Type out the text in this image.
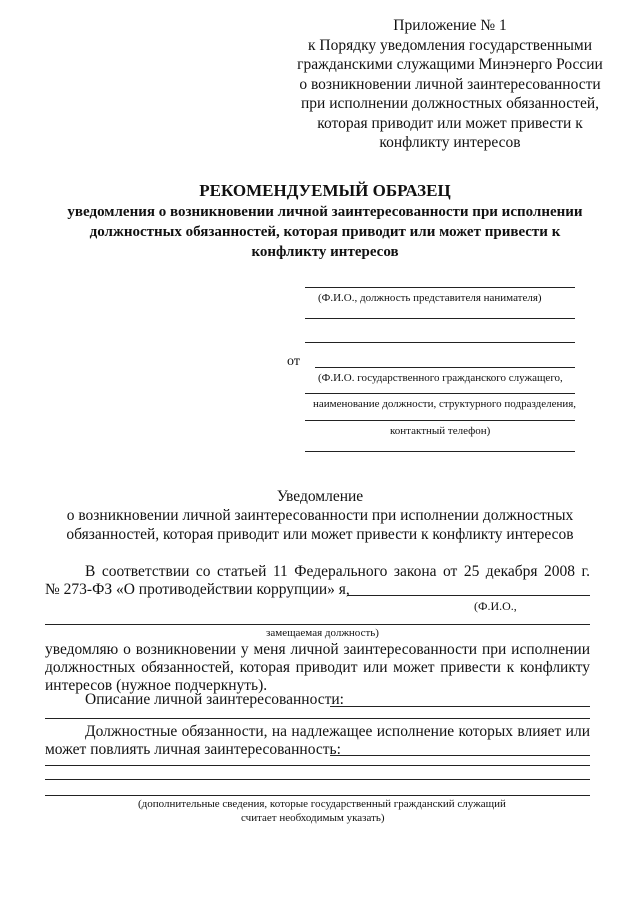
Приложение № 1
к Порядку уведомления государственными
гражданскими служащими Минэнерго России
о возникновении личной заинтересованности
при исполнении должностных обязанностей,
которая приводит или может привести к
конфликту интересов
РЕКОМЕНДУЕМЫЙ ОБРАЗЕЦ
уведомления о возникновении личной заинтересованности при исполнении
должностных обязанностей, которая приводит или может привести к
конфликту интересов
(Ф.И.О., должность представителя нанимателя)
от
(Ф.И.О. государственного гражданского служащего,
наименование должности, структурного подразделения,
контактный телефон)
Уведомление
о возникновении личной заинтересованности при исполнении должностных
обязанностей, которая приводит или может привести к конфликту интересов
В соответствии со статьей 11 Федерального закона от 25 декабря 2008 г.
№ 273-ФЗ «О противодействии коррупции» я,
(Ф.И.О.,
замещаемая должность)
уведомляю о возникновении у меня личной заинтересованности при исполнении
должностных обязанностей, которая приводит или может привести к конфликту
интересов (нужное подчеркнуть).
Описание личной заинтересованности:
Должностные обязанности, на надлежащее исполнение которых влияет или
может повлиять личная заинтересованность:
(дополнительные сведения, которые государственный гражданский служащий
считает необходимым указать)
